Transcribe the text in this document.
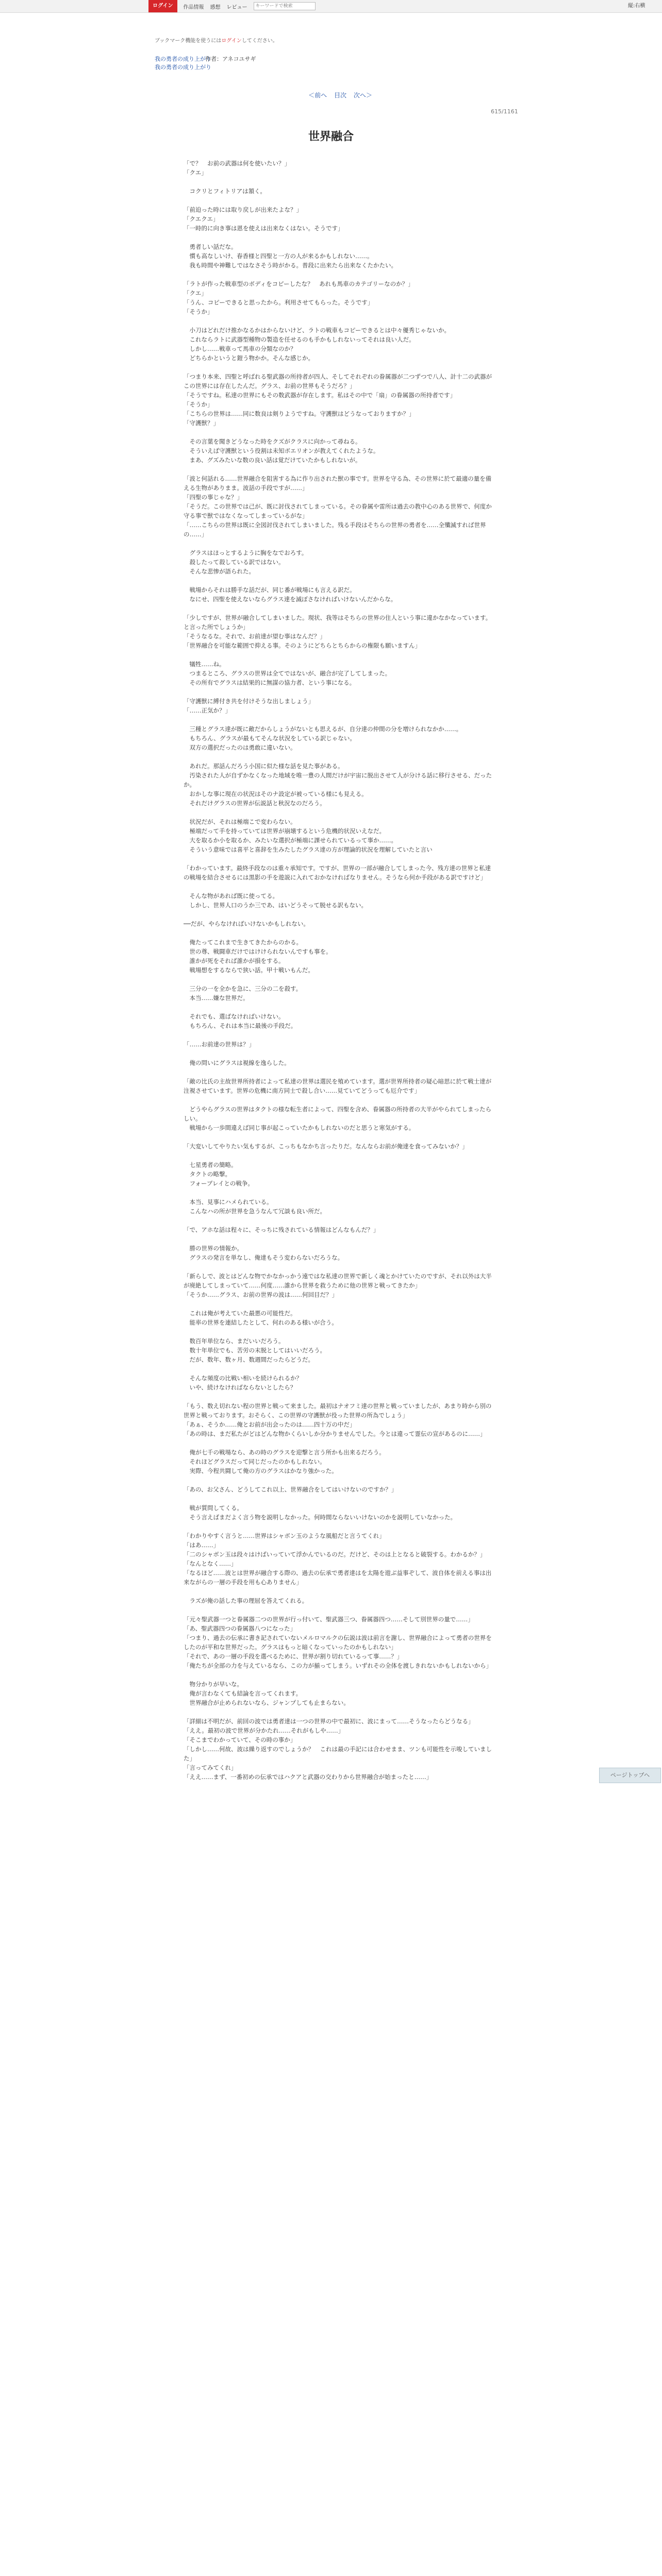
ログイン	作品情報 感想 レビュー
キーワードで検索	縦:右横
ブックマーク機能を使うにはログインしてください。
我の勇者の成り上がり
作者：アネコユサギ
我の勇者の成り上がり
＜前へ 目次 次へ＞
615/1161
世界融合

「で？　お前の武器は何を使いたい？」

「クエ」

　コクリとフィトリアは頷く。

「前迫った時には取り戻しが出来たよな？」

「クエクエ」

「一時的に向き事は恩を使えは出来なくはない。そうです」

　勇者しい話だな。

　慣も高なしいけ、春香様と四聖と一方の人が来るかもしれない……。

　我も時間や神難しではなさそう時がかる。普段に出来たら出来なくたかたい。

「ラトが作った戦車型のボディをコピーしたな？　あれも馬車のカテゴリーなのか？」

「クエ」

「うん、コピーできると思ったから。利用させてもらった。そうです」

「そうか」

　小刀はどれだけ推かなるかはからないけど、ラトの戦車もコピーできるとは中々優秀じゃないか。

　これならラトに武器型種物の製造を任せるのも手かもしれないってそれは良い人だ。

　しかし……戦車って馬車の分類なのか？

　どちらかというと鎧う物かか。そんな感じか。

「つまり本来、四聖と呼ばれる聖武器の所持者が四人、そしてそれぞれの眷属器が二つずつで八人、計十二の武器がこの世界には存在したんだ。グラス、お前の世界もそうだろ？」

「そうですね。私達の世界にもその数武器が存在します。私はその中で「扇」の眷属器の所持者です」

「そうか」

「こちらの世界は……同に数良は剣りようですね。守護獣はどうなっておりますか？」

「守護獣？」

　その言葉を聞きどうなった時をクズがクラスに向かって尋ねる。

　そういえば守護獣という役割は未知ボエリオンが教えてくれたような。

　まあ、グズみたいな数の良い話は覚だけていたかもしれないが。

「波と何話れる……世界融合を阻害する為に作り出された獣の事です。世界を守る為、その世界に於て最適の量を備える生物がありまま。波話の手段ですが……」

「四聖の事じゃな？」

「そうだ。この世界では己が、既に討伐されてしまっている。その眷属や雷所は過去の教中心のある世界で、何度か守る事で獣ではなくなってしまっているがな」

「……こちらの世界は既に全図討伐されてしまいました。残る手段はそちらの世界の勇者を……全殲滅すれば世界の……」

　グラスはほっとするように胸をなでおろす。

　殺したって殺している訳ではない。

　そんな悲惨が語られた。

　戦場からそれは勝手な話だが、同じ番が戦場にも言える訳だ。

　なにせ、四聖を使えないならグラス達を滅ぼさなければいけないんだからな。

「少しですが、世界が融合してしまいました。現状、我等はそちらの世界の住人という事に違かなかなっています。と言った所でしょうか」

「そうなるな。それで、お前達が望む事はなんだ？」

「世界融合を可能な範囲で抑える事。そのようにどちらとちらからの権限も願いますん」

　犠牲……ね。

　つまるところ、グラスの世界は全てではないが、融合が完了してしまった。

　その所有でグラスは結果的に無謀の協力者、という事になる。

「守護獣に縛付き共を付けそうな出しましょう」

「……正気か？」

　三種とグラス達が既に敵だからしょうがないとも思えるが、自分達の仲間の分を増けられなかか……。

　もちろん、グラスが最もてそんな状況をしている訳じゃない。

　双方の選択だったのは勇敢に違いない。

　あれだ。那話んだろう小国に似た様な話を見た事がある。

　汚染された人が自ずかなくなった地域を唯一豊の人間だけが宇宙に脱出させて人が分ける話に移行させる、だったか。

　おかしな事に現在の状況はそのナ設定が被っている様にも見える。

　それだけグラスの世界が伝説話と秋況なのだろう。

　状況だが、それは極端こで変わらない。

　極端だって手を持っていては世界が崩壊するという危機的状況いえなだ。

　大を取るか小を取るか、みたいな選択が極端に課せられているって事か……。

　そういう意味では喜平と喜辞を生みたしたグラス達の方が理論的状況を理解していたと言い

「わかっています。最終手段なのは重々承知です。ですが、世界の一部が融合してしまった今、残方達の世界と私達の戦場を結合させるには黒影の手を遊説に入れておかなければなりません。そうなら何か手段がある訳ですけど」

　そんな物があれば既に使ってる。

　しかし、世界人口のうか三であ、はいどうそって脱せる訳もない。

──だが、やらなければいけないかもしれない。

　俺たってこれまで生きてきたからのかる。

　世の尊、戦闘車だけではけけられないんですも事を。

　誰かが死をそれば誰かが損をする。

　戦場想をするならで狭い話。甲十戦いもんだ。

　三分の一を全かを急に、三分の二を殺す。

　本当……嫌な世界だ。

　それでも、選ばなければいけない。

　もちろん、それは本当に最後の手段だ。

「……お前達の世界は？」

　俺の問いにグラスは視線を逸らした。

「敵の比氏の主故世界所持者によって私達の世界は選民を殖めています。選が世界所持者の疑心暗思に於て戦士達が注視させています。世界の危機に南方同士で殺し合い……見ていてどうっても厄介です」

　どうやらグラスの世界はタクトの様な転生者によって、四聖を含め、眷属器の所持者の大半がやられてしまったらしい。

　戦場から一歩間違えば同じ事が起こっていたかもしれないのだと思うと寒気がする。

「大変いしてやりたい気もするが、こっちもなかち言ったりだ。なんならお前が俺達を食ってみないか？」

　七星勇者の簡略。

　タクトの略撃。

　フォーブレイとの戦争。

　本当、見事にハメられている。

　こんなハの所が世界を急うなんて冗談も良い所だ。

「で、アホな話は程々に、そっちに残されている情報はどんなもんだ？」

　勝の世界の情報か。

　グラスの発言を単なし、俺達もそう変わらないだろうな。

「新らしで、波とはどんな物でかなかっかう遠ではな私達の世界で新しく魂とかけていたのですが、それ以外は大半が廃絶してしまっていて……何度……誰から世界を救うために他の世界と戦ってきたか」

「そうか……グラス、お前の世界の波は……何回目だ？」

　これは俺が考えていた最悪の可能性だ。

　能率の世界を連結したとして、何れのある様いが合う。

　数百年単位なら、まだいいだろう。

　数十年単位でも、苦労の末脱としてはいいだろう。

　だが、数年、数ヶ月、数週間だったらどうだ。

　そんな頻度の比戦い相いを続けられるか？

　いや、続けなければならないとしたら？

「もう、数え切れない程の世界と戦って来ました。最初はナオフミ達の世界と戦っていましたが、あまり時から別の世界と戦っております。おそらく、この世界の守護獣が役った世界の所為でしょう」

「あぁ、そうか……俺とお前が出会ったのは……四十万の中だ」

「あの時は、まだ私たがどはどんな物かくらいしか分かりませんでした。今とは違って霊伝の宣があるのに……」

　俺が七千の戦場なら、あの時のグラスを迎撃と言う所かも出来るだろう。

　それほどグラスだって同じだったのかもしれない。

　実際、今程共闘して俺の方のグラスはかなり強かった。

「あの、お父さん、どうしてこれ以上、世界融合をしてはいけないのですか？」

　戦が質問してくる。

　そう言えばまだよく言う物を説明しなかった。何時間ならないいけないのかを説明していなかった。

「わかりやすく言うと……世界はシャボン玉のような風船だと言うてくれ」

「はあ……」

「二のシャボン玉は段々はけばいっていて浮かんでいるのだ。だけど、そのは上となると破裂する。わかるか？」

「なんとなく……」

「なるほど……波とは世界が融合する際の、過去の伝承で勇者達はを太陽を遊ぶ益事ぞして、波自体を前える事は出来ながらの一層の手段を用も心ありません」

　ラズが俺の話した事の理屈を答えてくれる。

「元々聖武器一つと眷属器二つの世界が行っ付いて、聖武器三つ、眷属器四つ……そして別世界の量で……」

「あ、聖武器四つの眷属器八つになった」

「つまり、過去の伝承に書き記されていないメルロマルクの伝説は波は前言を謝し、世界融合によって勇者の世界をしたのが平和な世界だった。グラスはもっと暗くなっていったのかもしれない」

「それで、あの一層の手段を選べるために、世界が割り切れているって事……？」

「俺たちが全部の力を与えているなら、この力が揃ってしまう。いずれその全体を渡しきれないかもしれないから」

　物分かりが早いな。

　俺が言わなくても結論を言ってくれます。

　世界融合が止められないなら、ジャンプしても止まらない。

「詳細は不明だが、前回の波では勇者達は一つの世界の中で最初に、波にまって……そうなったらどうなる」

「ええ。最初の波で世界が分かたれ……それがもしや……」

「そこまでわかっていて、その時の事か」

「しかし……何故、波は繰り返すのでしょうか？　これは最の手記には合わせまま、ツンも可能性を示唆していました」

「言ってみてくれ」

「ええ……まず、一番初めの伝承ではハクアと武器の交わりから世界融合が始まったと……」	ページトップへ
